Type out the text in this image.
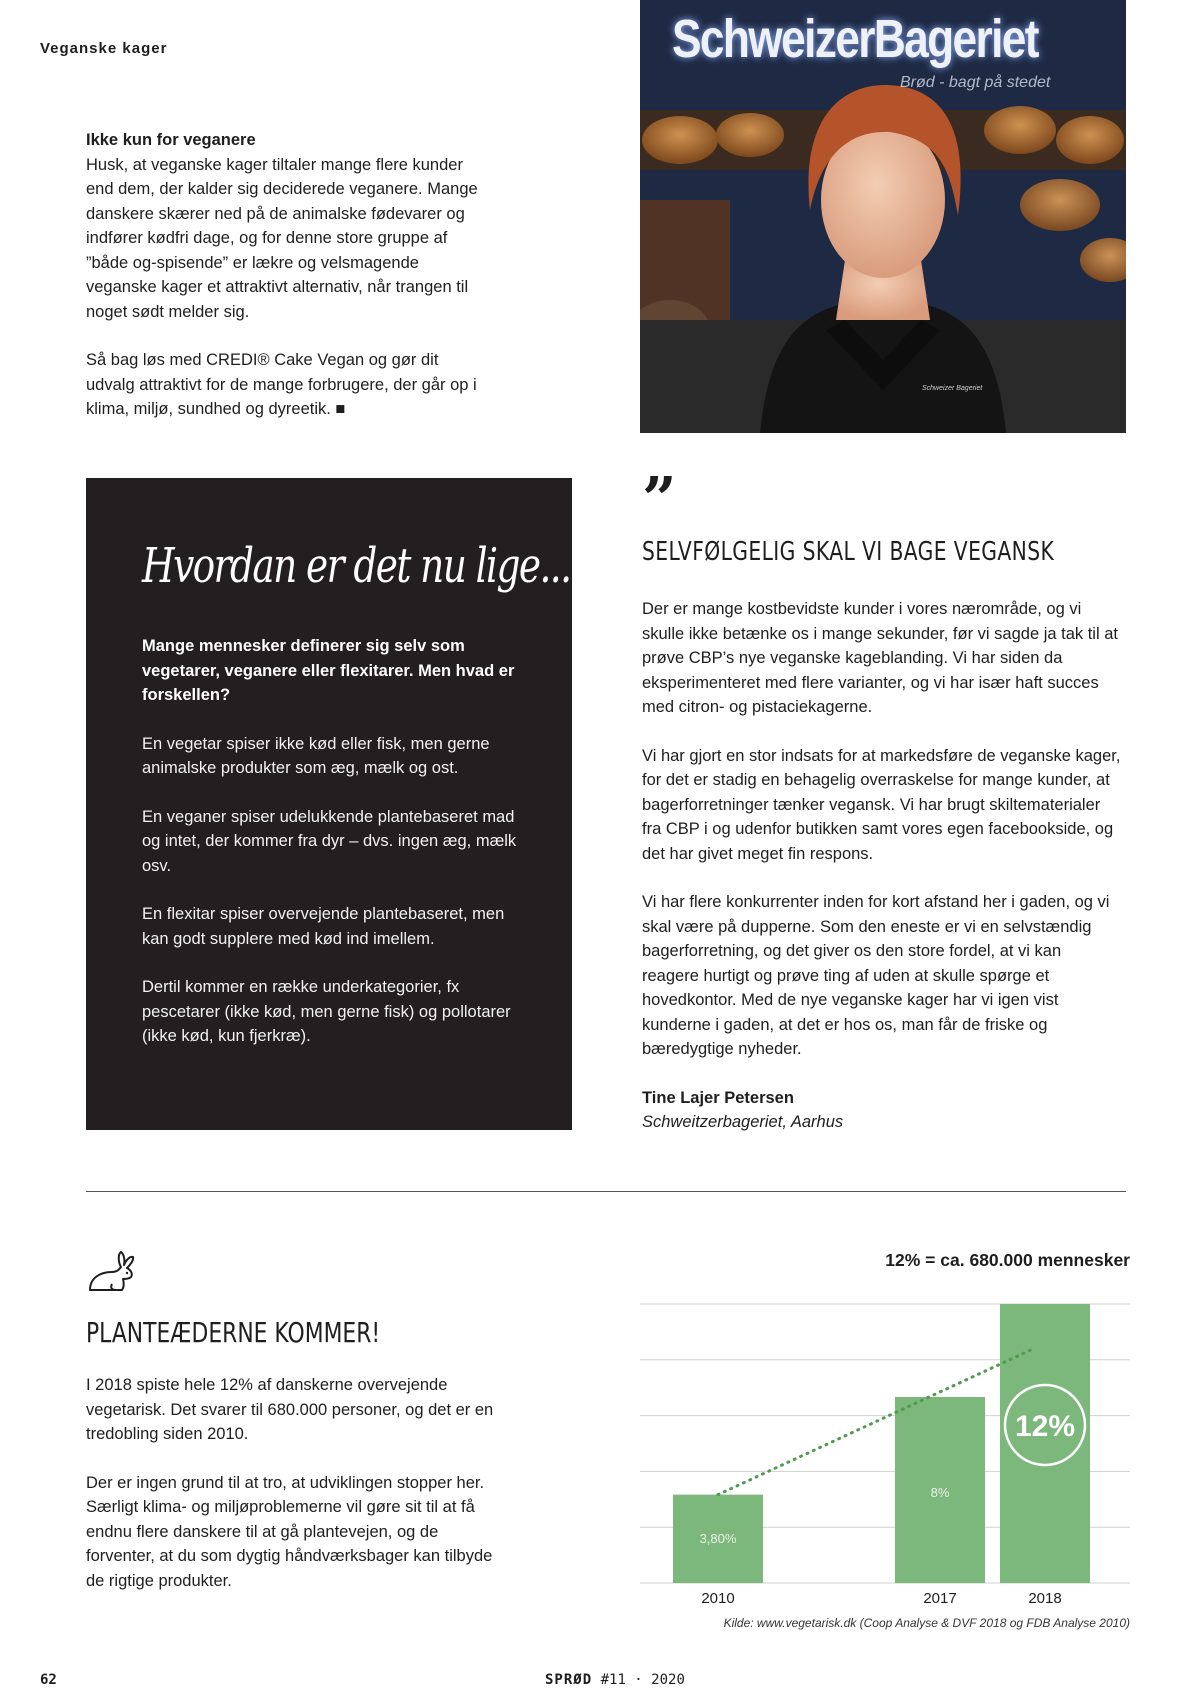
Veganske kager
Ikke kun for veganere

Husk, at veganske kager tiltaler mange flere kunder end dem, der kalder sig deciderede veganere. Mange danskere skærer ned på de animalske fødevarer og indfører kødfri dage, og for denne store gruppe af ”både og-spisende” er lækre og velsmagende veganske kager et attraktivt alternativ, når trangen til noget sødt melder sig.

Så bag løs med CREDI® Cake Vegan og gør dit udvalg attraktivt for de mange forbrugere, der går op i klima, miljø, sundhed og dyreetik. ■

SchweizerBageriet
Brød - bagt på stedet
Schweizer Bageriet
Hvordan er det nu lige...?

Mange mennesker definerer sig selv som vegetarer, veganere eller flexitarer. Men hvad er forskellen?

En vegetar spiser ikke kød eller fisk, men gerne animalske produkter som æg, mælk og ost.

En veganer spiser udelukkende plantebaseret mad og intet, der kommer fra dyr – dvs. ingen æg, mælk osv.

En flexitar spiser overvejende plantebaseret, men kan godt supplere med kød ind imellem.

Dertil kommer en række underkategorier, fx pescetarer (ikke kød, men gerne fisk) og pollotarer (ikke kød, kun fjerkræ).

”
SELVFØLGELIG SKAL VI BAGE VEGANSK

Der er mange kostbevidste kunder i vores nærområde, og vi skulle ikke betænke os i mange sekunder, før vi sagde ja tak til at prøve CBP’s nye veganske kageblanding. Vi har siden da eksperimenteret med flere varianter, og vi har især haft succes med citron- og pistaciekagerne.

Vi har gjort en stor indsats for at markedsføre de veganske kager, for det er stadig en behagelig overraskelse for mange kunder, at bagerforretninger tænker vegansk. Vi har brugt skiltematerialer fra CBP i og udenfor butikken samt vores egen facebookside, og det har givet meget fin respons.

Vi har flere konkurrenter inden for kort afstand her i gaden, og vi skal være på dupperne. Som den eneste er vi en selvstændig bagerforretning, og det giver os den store fordel, at vi kan reagere hurtigt og prøve ting af uden at skulle spørge et hovedkontor. Med de nye veganske kager har vi igen vist kunderne i gaden, at det er hos os, man får de friske og bæredygtige nyheder.

Tine Lajer Petersen
Schweitzerbageriet, Aarhus
PLANTEÆDERNE KOMMER!

I 2018 spiste hele 12% af danskerne overvejende vegetarisk. Det svarer til 680.000 personer, og det er en tredobling siden 2010.

Der er ingen grund til at tro, at udviklingen stopper her. Særligt klima- og miljøproblemerne vil gøre sit til at få endnu flere danskere til at gå plantevejen, og de forventer, at du som dygtig håndværksbager kan tilbyde de rigtige produkter.

12% = ca. 680.000 mennesker
3,80%
8%
12%
2010	2017	2018
Kilde: www.vegetarisk.dk (Coop Analyse & DVF 2018 og FDB Analyse 2010)
62	SPRØD #11 · 2020
